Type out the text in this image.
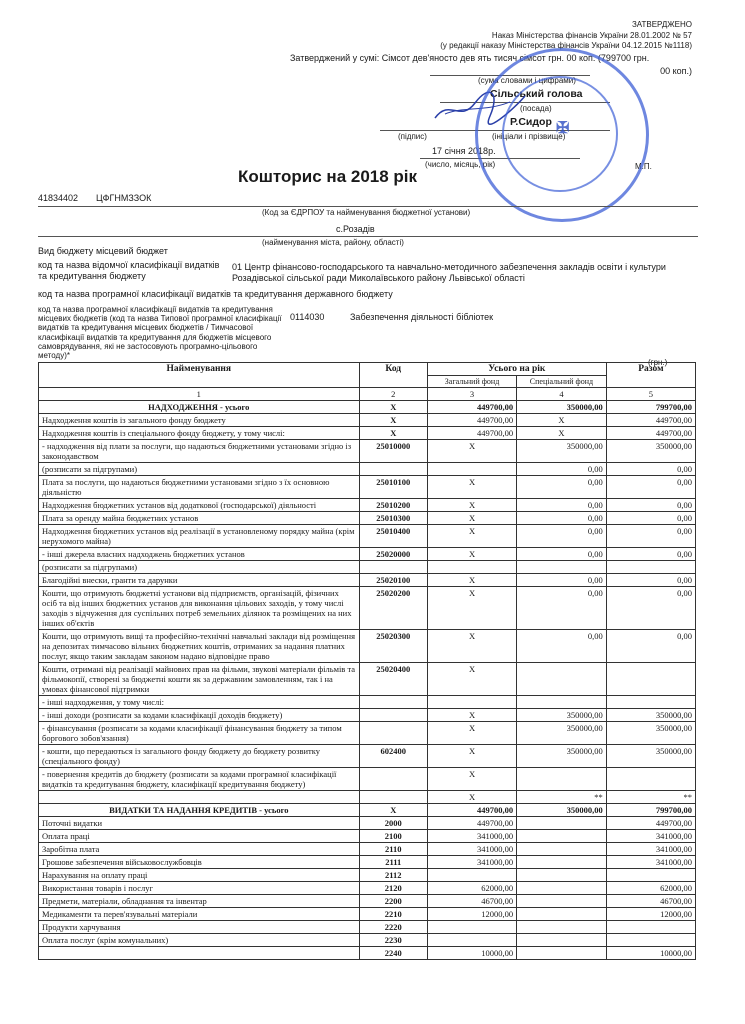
ЗАТВЕРДЖЕНО
Наказ Міністерства фінансів України 28.01.2002 № 57
(у редакції наказу Міністерства фінансів України 04.12.2015 №1118)
Затверджений у сумі: Сімсот дев'яносто дев ять тисяч сімсот грн. 00 коп. (799700 грн.
00 коп.)
(сума словами і цифрами)
Сільський голова
(посада)
Р.Сидор
(підпис)	(ініціали і прізвище)
17 січня 2018р.
(число, місяць, рік)	М.П.
✠
Кошторис на 2018 рік
41834402 ЦФГНМЗЗОК
(Код за ЄДРПОУ та найменування бюджетної установи)
с.Розадів
(найменування міста, району, області)
Вид бюджету місцевий бюджет
код та назва відомчої класифікації видатків та кредитування бюджету
01 Центр фінансово-господарського та навчально-методичного забезпечення закладів освіти і культури Розадівської сільської ради Миколаївського району Львівської області
код та назва програмної класифікації видатків та кредитування державного бюджету
код та назва програмної класифікації видатків та кредитування місцевих бюджетів (код та назва Типової програмної класифікації видатків та кредитування місцевих бюджетів / Тимчасової класифікації видатків та кредитування для бюджетів місцевого самоврядування, які не застосовують програмно-цільового методу)*
0114030	Забезпечення діяльності бібліотек
(грн.)
Найменування	Код	Усього на рік		Разом
		Загальний фонд	Спеціальний фонд	
1	2	3	4	5
НАДХОДЖЕННЯ - усього	X	449700,00	350000,00	799700,00
Надходження коштів із загального фонду бюджету	X	449700,00	X	449700,00
Надходження коштів із спеціального фонду бюджету, у тому числі:	X	449700,00	X	449700,00
- надходження від плати за послуги, що надаються бюджетними установами згідно із законодавством	25010000	X	350000,00	350000,00
(розписати за підгрупами)			0,00	0,00
Плата за послуги, що надаються бюджетними установами згідно з їх основною діяльністю	25010100	X	0,00	0,00
Надходження бюджетних установ від додаткової (господарської) діяльності	25010200	X	0,00	0,00
Плата за оренду майна бюджетних установ	25010300	X	0,00	0,00
Надходження бюджетних установ від реалізації в установленому порядку майна (крім нерухомого майна)	25010400	X	0,00	0,00
- інші джерела власних надходжень бюджетних установ	25020000	X	0,00	0,00
(розписати за підгрупами)				
Благодійні внески, гранти та дарунки	25020100	X	0,00	0,00
Кошти, що отримують бюджетні установи від підприємств, організацій, фізичних осіб та від інших бюджетних установ для виконання цільових заходів, у тому числі заходів з відчуження для суспільних потреб земельних ділянок та розміщених на них інших об'єктів	25020200	X	0,00	0,00
Кошти, що отримують вищі та професійно-технічні навчальні заклади від розміщення на депозитах тимчасово вільних бюджетних коштів, отриманих за надання платних послуг, якщо таким закладам законом надано відповідне право	25020300	X	0,00	0,00
Кошти, отримані від реалізації майнових прав на фільми, звукові матеріали фільмів та фільмокопії, створені за бюджетні кошти як за державним замовленням, так і на умовах фінансової підтримки	25020400	X		
- інші надходження, у тому числі:				
- інші доходи (розписати за кодами класифікації доходів бюджету)		X	350000,00	350000,00
- фінансування (розписати за кодами класифікації фінансування бюджету за типом боргового зобов'язання)		X	350000,00	350000,00
- кошти, що передаються із загального фонду бюджету до бюджету розвитку (спеціального фонду)	602400	X	350000,00	350000,00
- повернення кредитів до бюджету (розписати за кодами програмної класифікації видатків та кредитування бюджету, класифікації кредитування бюджету)		X		
		X	**	**
ВИДАТКИ ТА НАДАННЯ КРЕДИТІВ - усього	X	449700,00	350000,00	799700,00
Поточні видатки	2000	449700,00		449700,00
Оплата праці	2100	341000,00		341000,00
Заробітна плата	2110	341000,00		341000,00
Грошове забезпечення військовослужбовців	2111	341000,00		341000,00
Нарахування на оплату праці	2112			
Використання товарів і послуг	2120	62000,00		62000,00
Предмети, матеріали, обладнання та інвентар	2200	46700,00		46700,00
Медикаменти та перев'язувальні матеріали	2210	12000,00		12000,00
Продукти харчування	2220			
Оплата послуг (крім комунальних)	2230			
	2240	10000,00		10000,00
